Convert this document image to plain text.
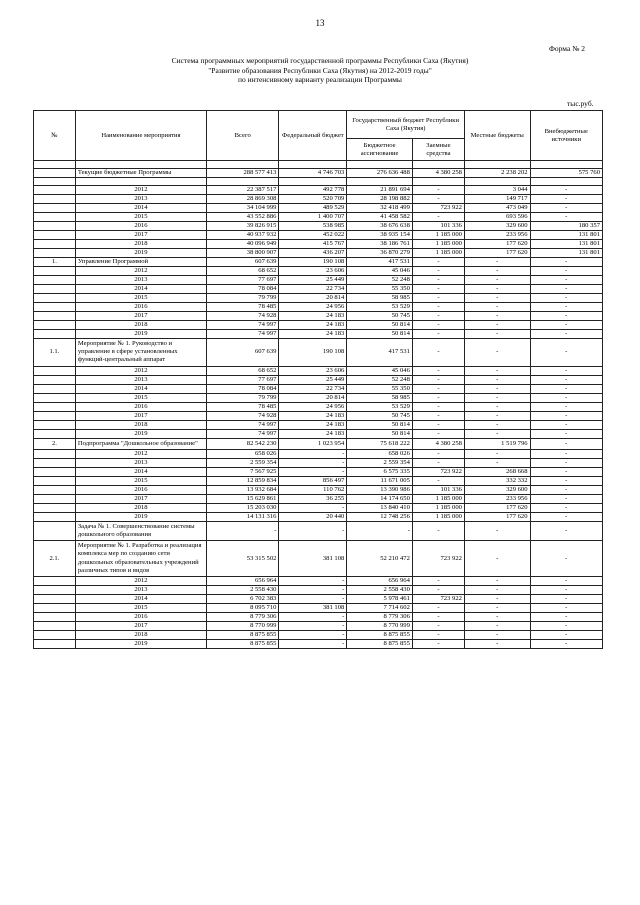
13
Форма № 2
Система программных мероприятий государственной программы Республики Саха (Якутия)
"Развитие образования Республики Саха (Якутия) на 2012-2019 годы"
по интенсивному варианту реализации Программы
тыс.руб.
№	Наименование мероприятия	Всего	Федеральный бюджет	Государственный бюджет Республики Саха (Якутия)		Местные бюджеты	Внебюджетные источники
				Бюджетное ассигнование	Заемные средства		

	Текущие бюджетные Программы	288 577 413	4 746 703	276 636 488	4 380 258	2 238 202	575 760

	2012	22 387 517	492 778	21 891 694	-	3 044	-
	2013	28 869 308	520 709	28 198 882	-	149 717	-
	2014	34 104 999	489 529	32 418 499	723 922	473 049	-
	2015	43 552 886	1 400 707	41 458 582	-	693 596	-
	2016	39 826 915	538 985	38 676 638	101 336	329 600	180 357
	2017	40 937 932	452 022	38 935 154	1 185 000	233 956	131 801
	2018	40 096 949	415 767	38 186 761	1 185 000	177 620	131 801
	2019	38 800 907	436 207	36 870 279	1 185 000	177 620	131 801
1.	Управление Программой	607 639	190 108	417 531	-	-	-
	2012	68 652	23 606	45 046	-	-	-
	2013	77 697	25 449	52 248	-	-	-
	2014	78 084	22 734	55 350	-	-	-
	2015	79 799	20 814	58 985	-	-	-
	2016	78 485	24 956	53 529	-	-	-
	2017	74 928	24 183	50 745	-	-	-
	2018	74 997	24 183	50 814	-	-	-
	2019	74 997	24 183	50 814	-	-	-
1.1.	Мероприятие № 1. Руководство и управление в сфере установленных функций-центральный аппарат	607 639	190 108	417 531	-	-	-
	2012	68 652	23 606	45 046	-	-	-
	2013	77 697	25 449	52 248	-	-	-
	2014	78 084	22 734	55 350	-	-	-
	2015	79 799	20 814	58 985	-	-	-
	2016	78 485	24 956	53 529	-	-	-
	2017	74 928	24 183	50 745	-	-	-
	2018	74 997	24 183	50 814	-	-	-
	2019	74 997	24 183	50 814	-	-	-
2.	Подпрограмма "Дошкольное образование"	82 542 230	1 023 954	75 618 222	4 380 258	1 519 796	-
	2012	658 026	-	658 026	-	-	-
	2013	2 559 354	-	2 559 354	-	-	-
	2014	7 567 925	-	6 575 335	723 922	268 668	-
	2015	12 859 834	856 497	11 671 005	-	332 332	-
	2016	13 932 684	110 762	13 390 986	101 336	329 600	-
	2017	15 629 861	36 255	14 174 650	1 185 000	233 956	-
	2018	15 203 030	-	13 840 410	1 185 000	177 620	-
	2019	14 131 316	20 440	12 748 256	1 185 000	177 620	-
	Задача № 1. Совершенствование системы дошкольного образования	-	-	-	-	-	-
2.1.	Мероприятие № 1. Разработка и реализация комплекса мер по созданию сети дошкольных образовательных учреждений различных типов и видов	53 315 502	381 108	52 210 472	723 922	-	-
	2012	656 964	-	656 964	-	-	-
	2013	2 558 430	-	2 558 430	-	-	-
	2014	6 702 383	-	5 978 461	723 922	-	-
	2015	8 095 710	381 108	7 714 602	-	-	-
	2016	8 779 306	-	8 779 306	-	-	-
	2017	8 770 999	-	8 770 999	-	-	-
	2018	8 875 855	-	8 875 855	-	-	-
	2019	8 875 855	-	8 875 855	-	-	-
